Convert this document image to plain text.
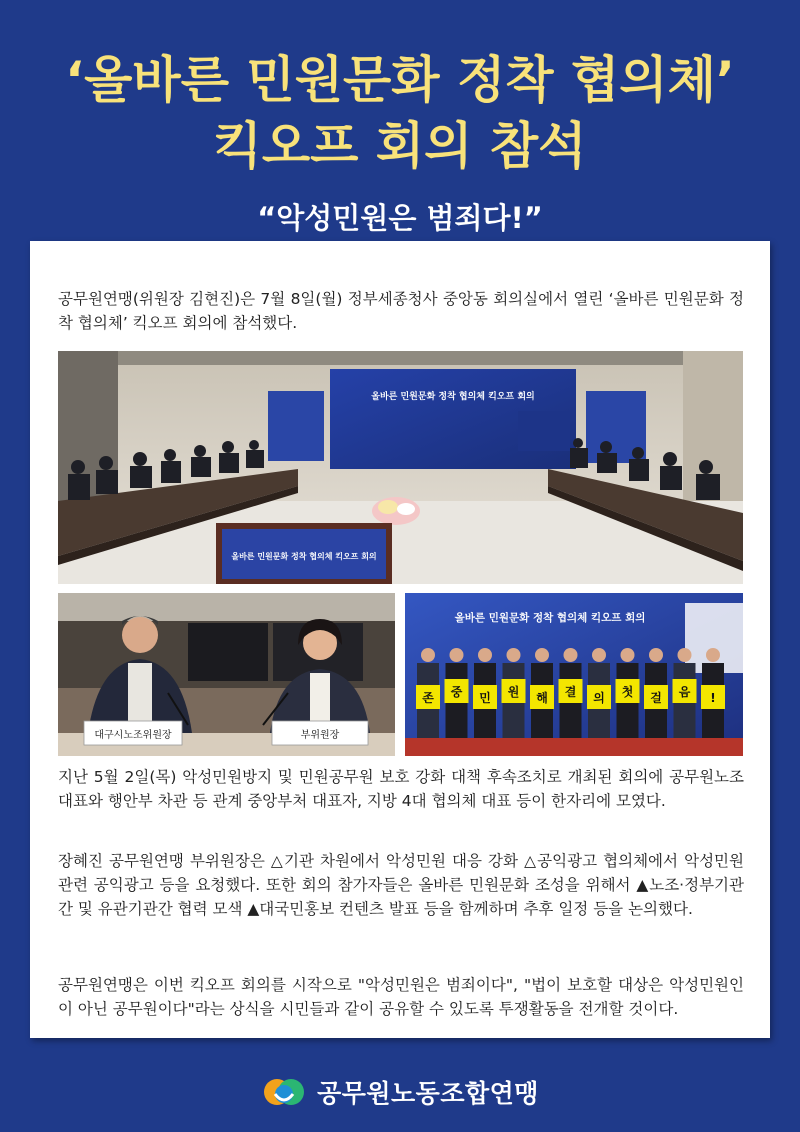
‘올바른 민원문화 정착 협의체’
킥오프 회의 참석
“악성민원은 범죄다!”

공무원연맹(위원장 김현진)은 7월 8일(월) 정부세종청사 중앙동 회의실에서 열린 ‘올바른 민원문화 정착 협의체’ 킥오프 회의에 참석했다.

올바른 민원문화 정착 협의체 킥오프 회의
올바른 민원문화 정착 협의체 킥오프 회의
대구시노조위원장	부위원장
올바른 민원문화 정착 협의체 킥오프 회의
존 중 민 원 해 결 의 첫 걸 음 !

지난 5월 2일(목) 악성민원방지 및 민원공무원 보호 강화 대책 후속조치로 개최된 회의에 공무원노조 대표와 행안부 차관 등 관계 중앙부처 대표자, 지방 4대 협의체 대표 등이 한자리에 모였다.

장혜진 공무원연맹 부위원장은 △기관 차원에서 악성민원 대응 강화 △공익광고 협의체에서 악성민원 관련 공익광고 등을 요청했다. 또한 회의 참가자들은 올바른 민원문화 조성을 위해서 ▲노조·정부기관간 및 유관기관간 협력 모색 ▲대국민홍보 컨텐츠 발표 등을 함께하며 추후 일정 등을 논의했다.

공무원연맹은 이번 킥오프 회의를 시작으로 "악성민원은 범죄이다", "법이 보호할 대상은 악성민원인이 아닌 공무원이다"라는 상식을 시민들과 같이 공유할 수 있도록 투쟁활동을 전개할 것이다.

공무원노동조합연맹
